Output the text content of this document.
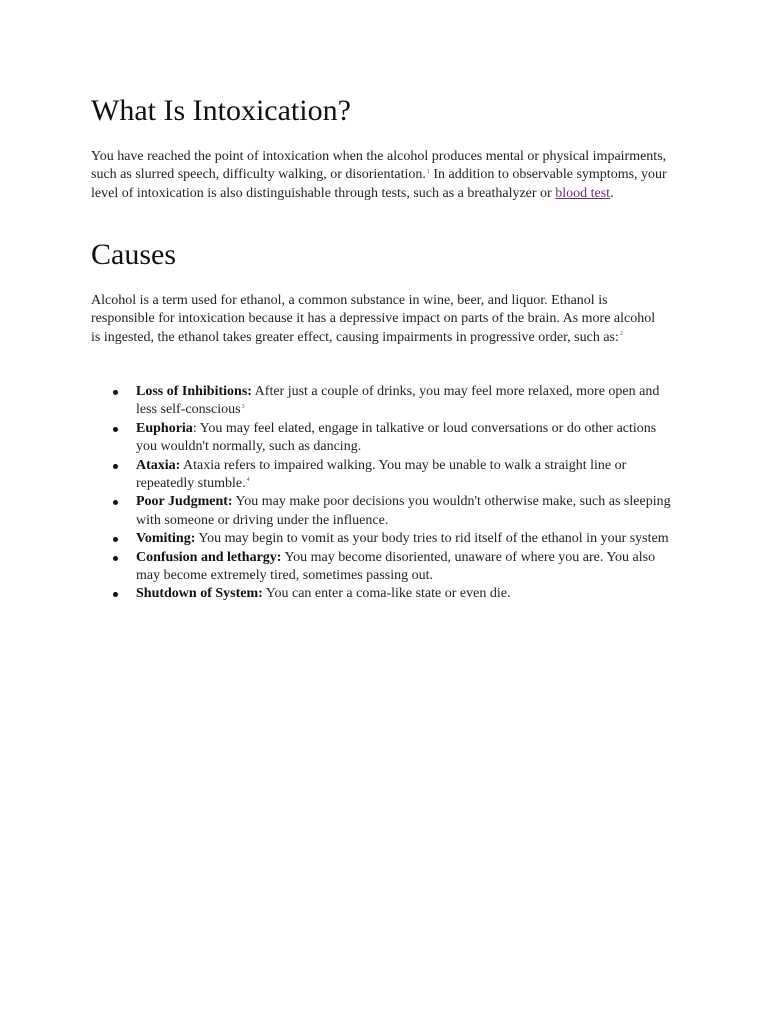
What Is Intoxication?

You have reached the point of intoxication when the alcohol produces mental or physical impairments, such as slurred speech, difficulty walking, or disorientation.$^1$ In addition to observable symptoms, your level of intoxication is also distinguishable through tests, such as a breathalyzer or blood test.

Causes

Alcohol is a term used for ethanol, a common substance in wine, beer, and liquor. Ethanol is responsible for intoxication because it has a depressive impact on parts of the brain. As more alcohol is ingested, the ethanol takes greater effect, causing impairments in progressive order, such as:$^2$

Loss of Inhibitions: After just a couple of drinks, you may feel more relaxed, more open and less self-conscious$^3$
Euphoria: You may feel elated, engage in talkative or loud conversations or do other actions you wouldn't normally, such as dancing.
Ataxia: Ataxia refers to impaired walking. You may be unable to walk a straight line or repeatedly stumble.$^4$
Poor Judgment: You may make poor decisions you wouldn't otherwise make, such as sleeping with someone or driving under the influence.
Vomiting: You may begin to vomit as your body tries to rid itself of the ethanol in your system
Confusion and lethargy: You may become disoriented, unaware of where you are. You also may become extremely tired, sometimes passing out.
Shutdown of System: You can enter a coma-like state or even die.
